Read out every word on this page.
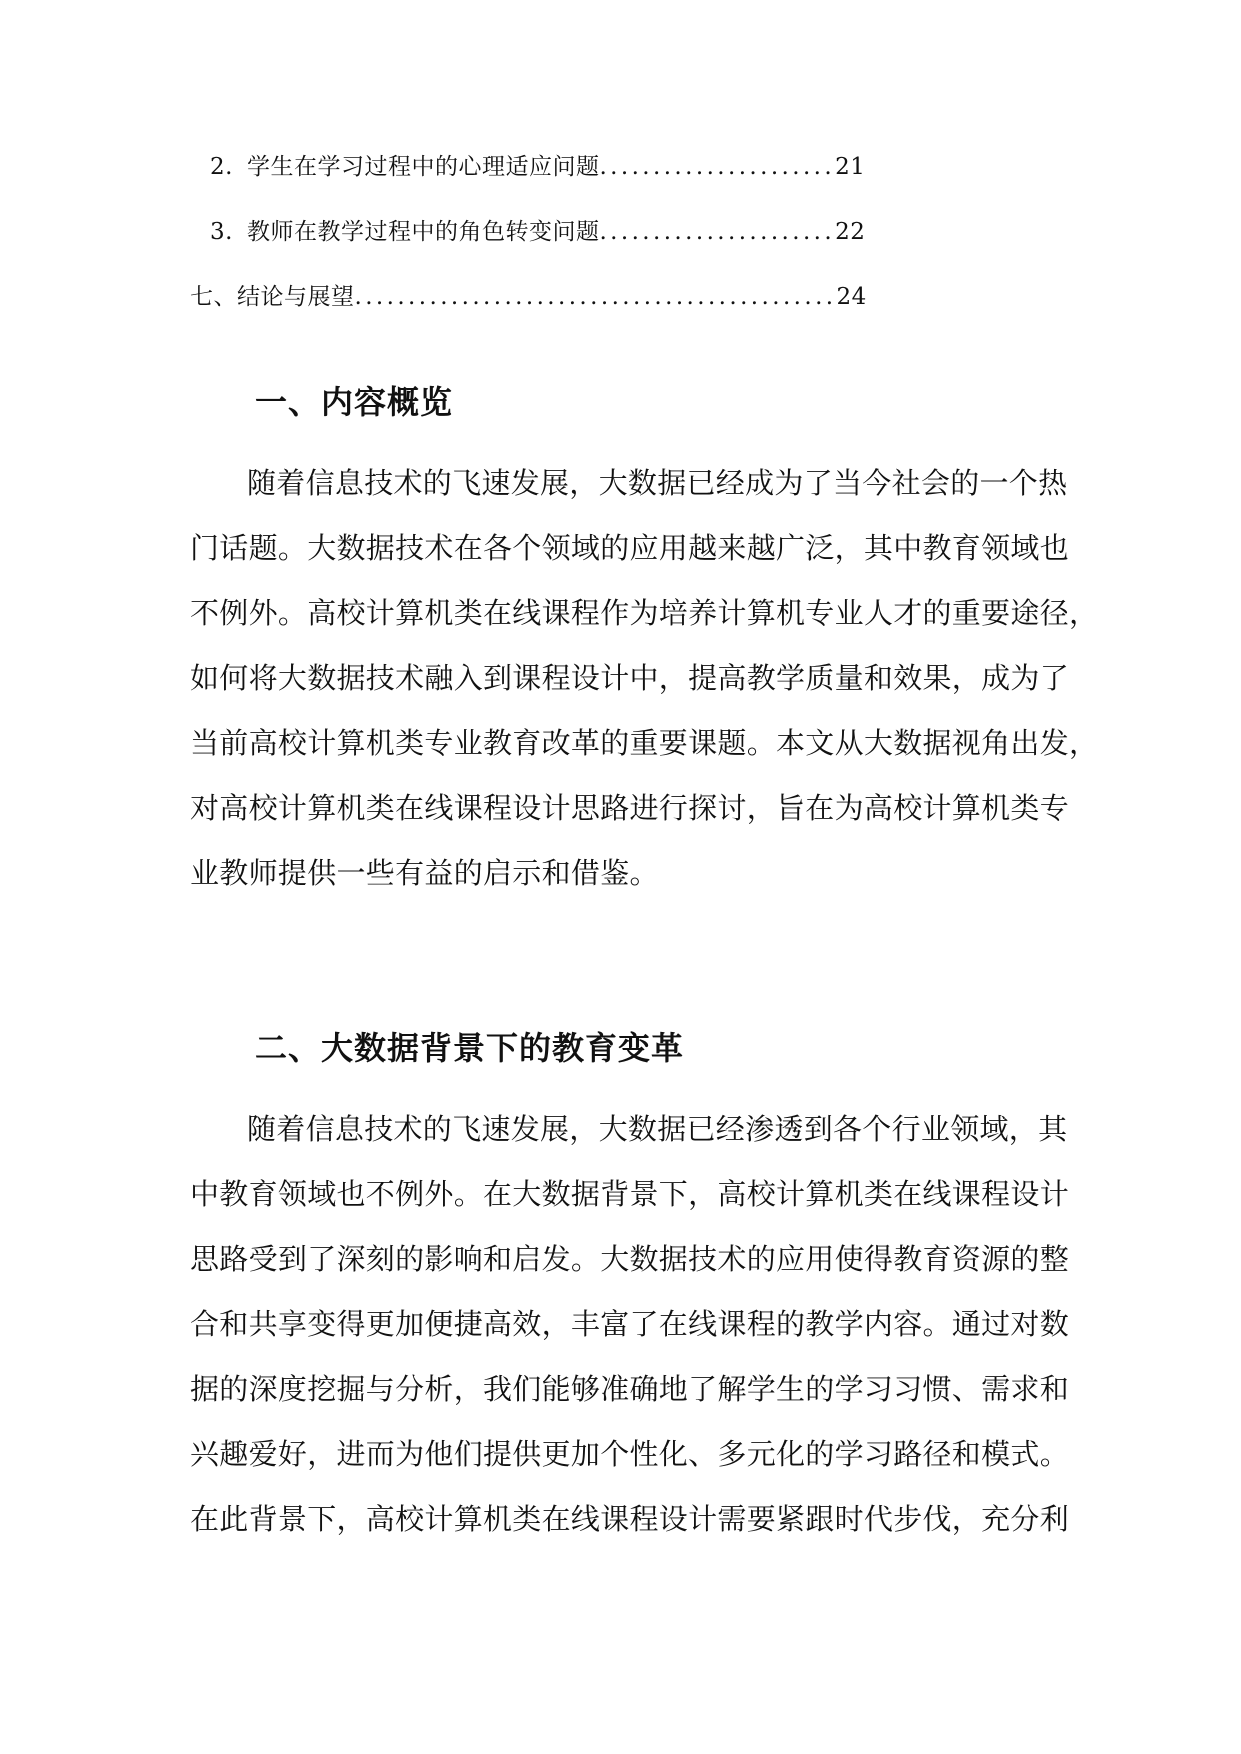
2. 学生在学习过程中的心理适应问题 ...................... 21
3. 教师在教学过程中的角色转变问题 ...................... 22
七、结论与展望 ............................................. 24
一、内容概览
随着信息技术的飞速发展，大数据已经成为了当今社会的一个热
门话题。大数据技术在各个领域的应用越来越广泛，其中教育领域也
不例外。高校计算机类在线课程作为培养计算机专业人才的重要途径，
如何将大数据技术融入到课程设计中，提高教学质量和效果，成为了
当前高校计算机类专业教育改革的重要课题。本文从大数据视角出发，
对高校计算机类在线课程设计思路进行探讨，旨在为高校计算机类专
业教师提供一些有益的启示和借鉴。
二、大数据背景下的教育变革
随着信息技术的飞速发展，大数据已经渗透到各个行业领域，其
中教育领域也不例外。在大数据背景下，高校计算机类在线课程设计
思路受到了深刻的影响和启发。大数据技术的应用使得教育资源的整
合和共享变得更加便捷高效，丰富了在线课程的教学内容。通过对数
据的深度挖掘与分析，我们能够准确地了解学生的学习习惯、需求和
兴趣爱好，进而为他们提供更加个性化、多元化的学习路径和模式。
在此背景下，高校计算机类在线课程设计需要紧跟时代步伐，充分利
